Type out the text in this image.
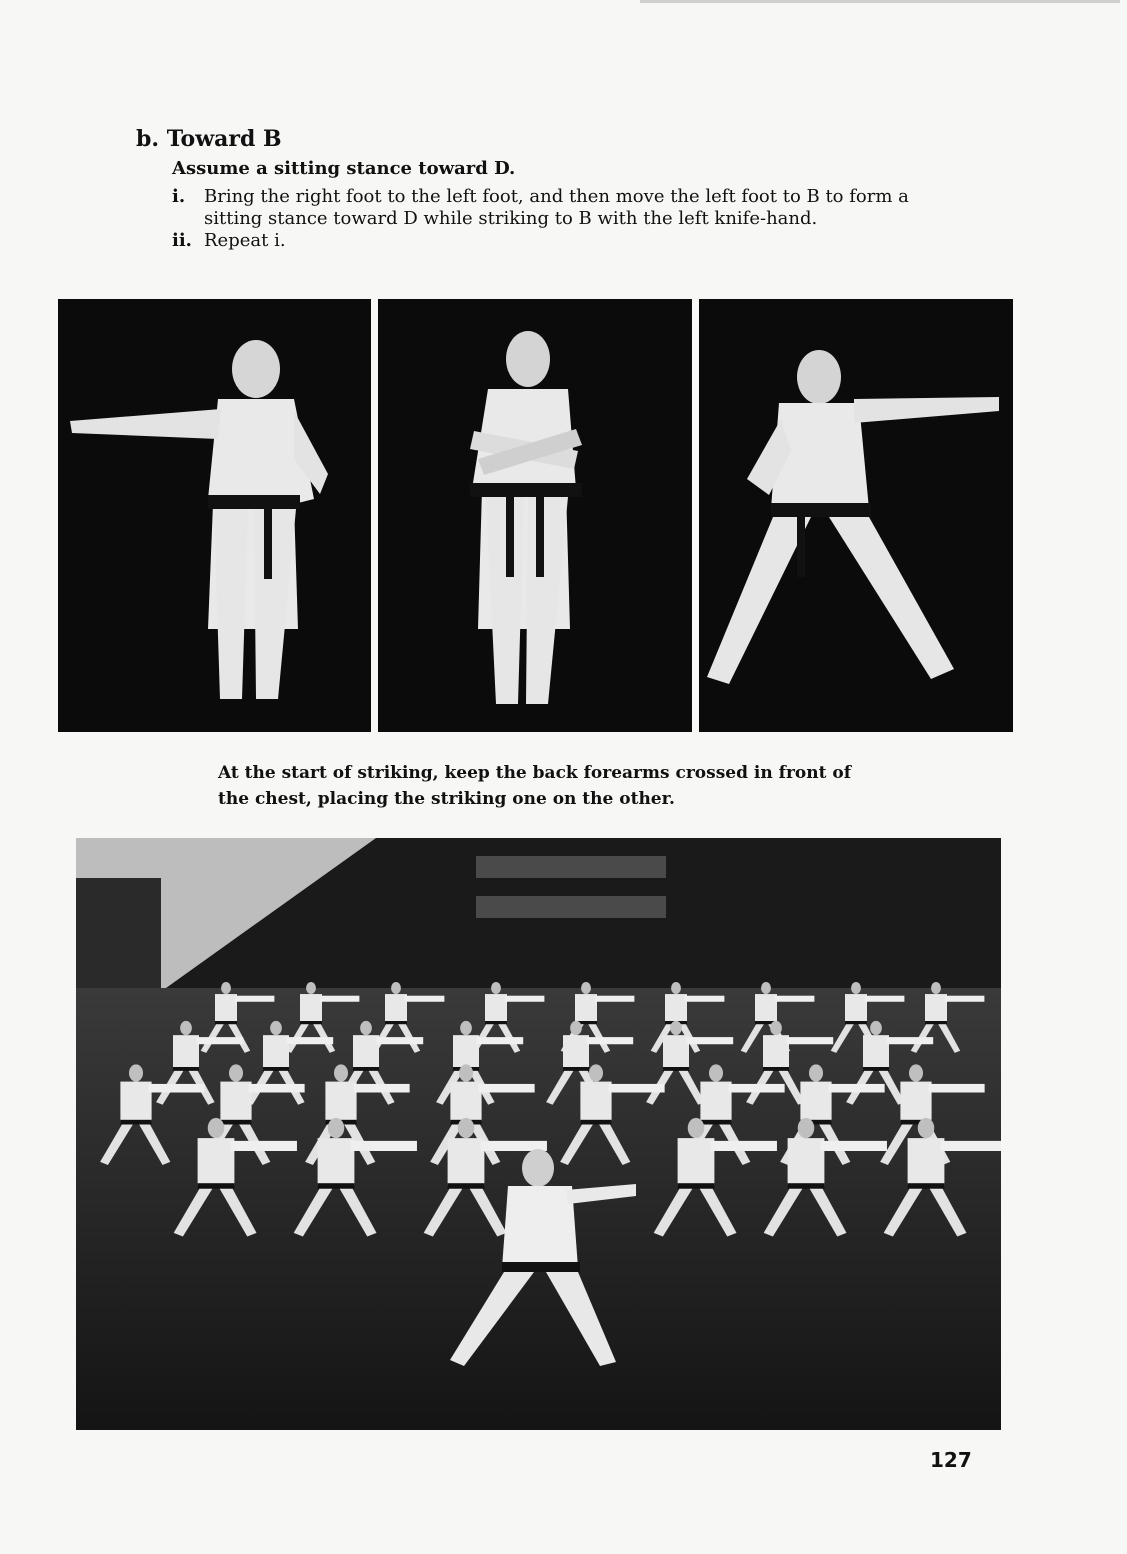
b. Toward B

Assume a sitting stance toward D.

i. Bring the right foot to the left foot, and then move the left foot to B to form a sitting stance toward D while striking to B with the left knife-hand.
ii. Repeat i.

At the start of striking, keep the back forearms crossed in front of the chest, placing the striking one on the other.

127
